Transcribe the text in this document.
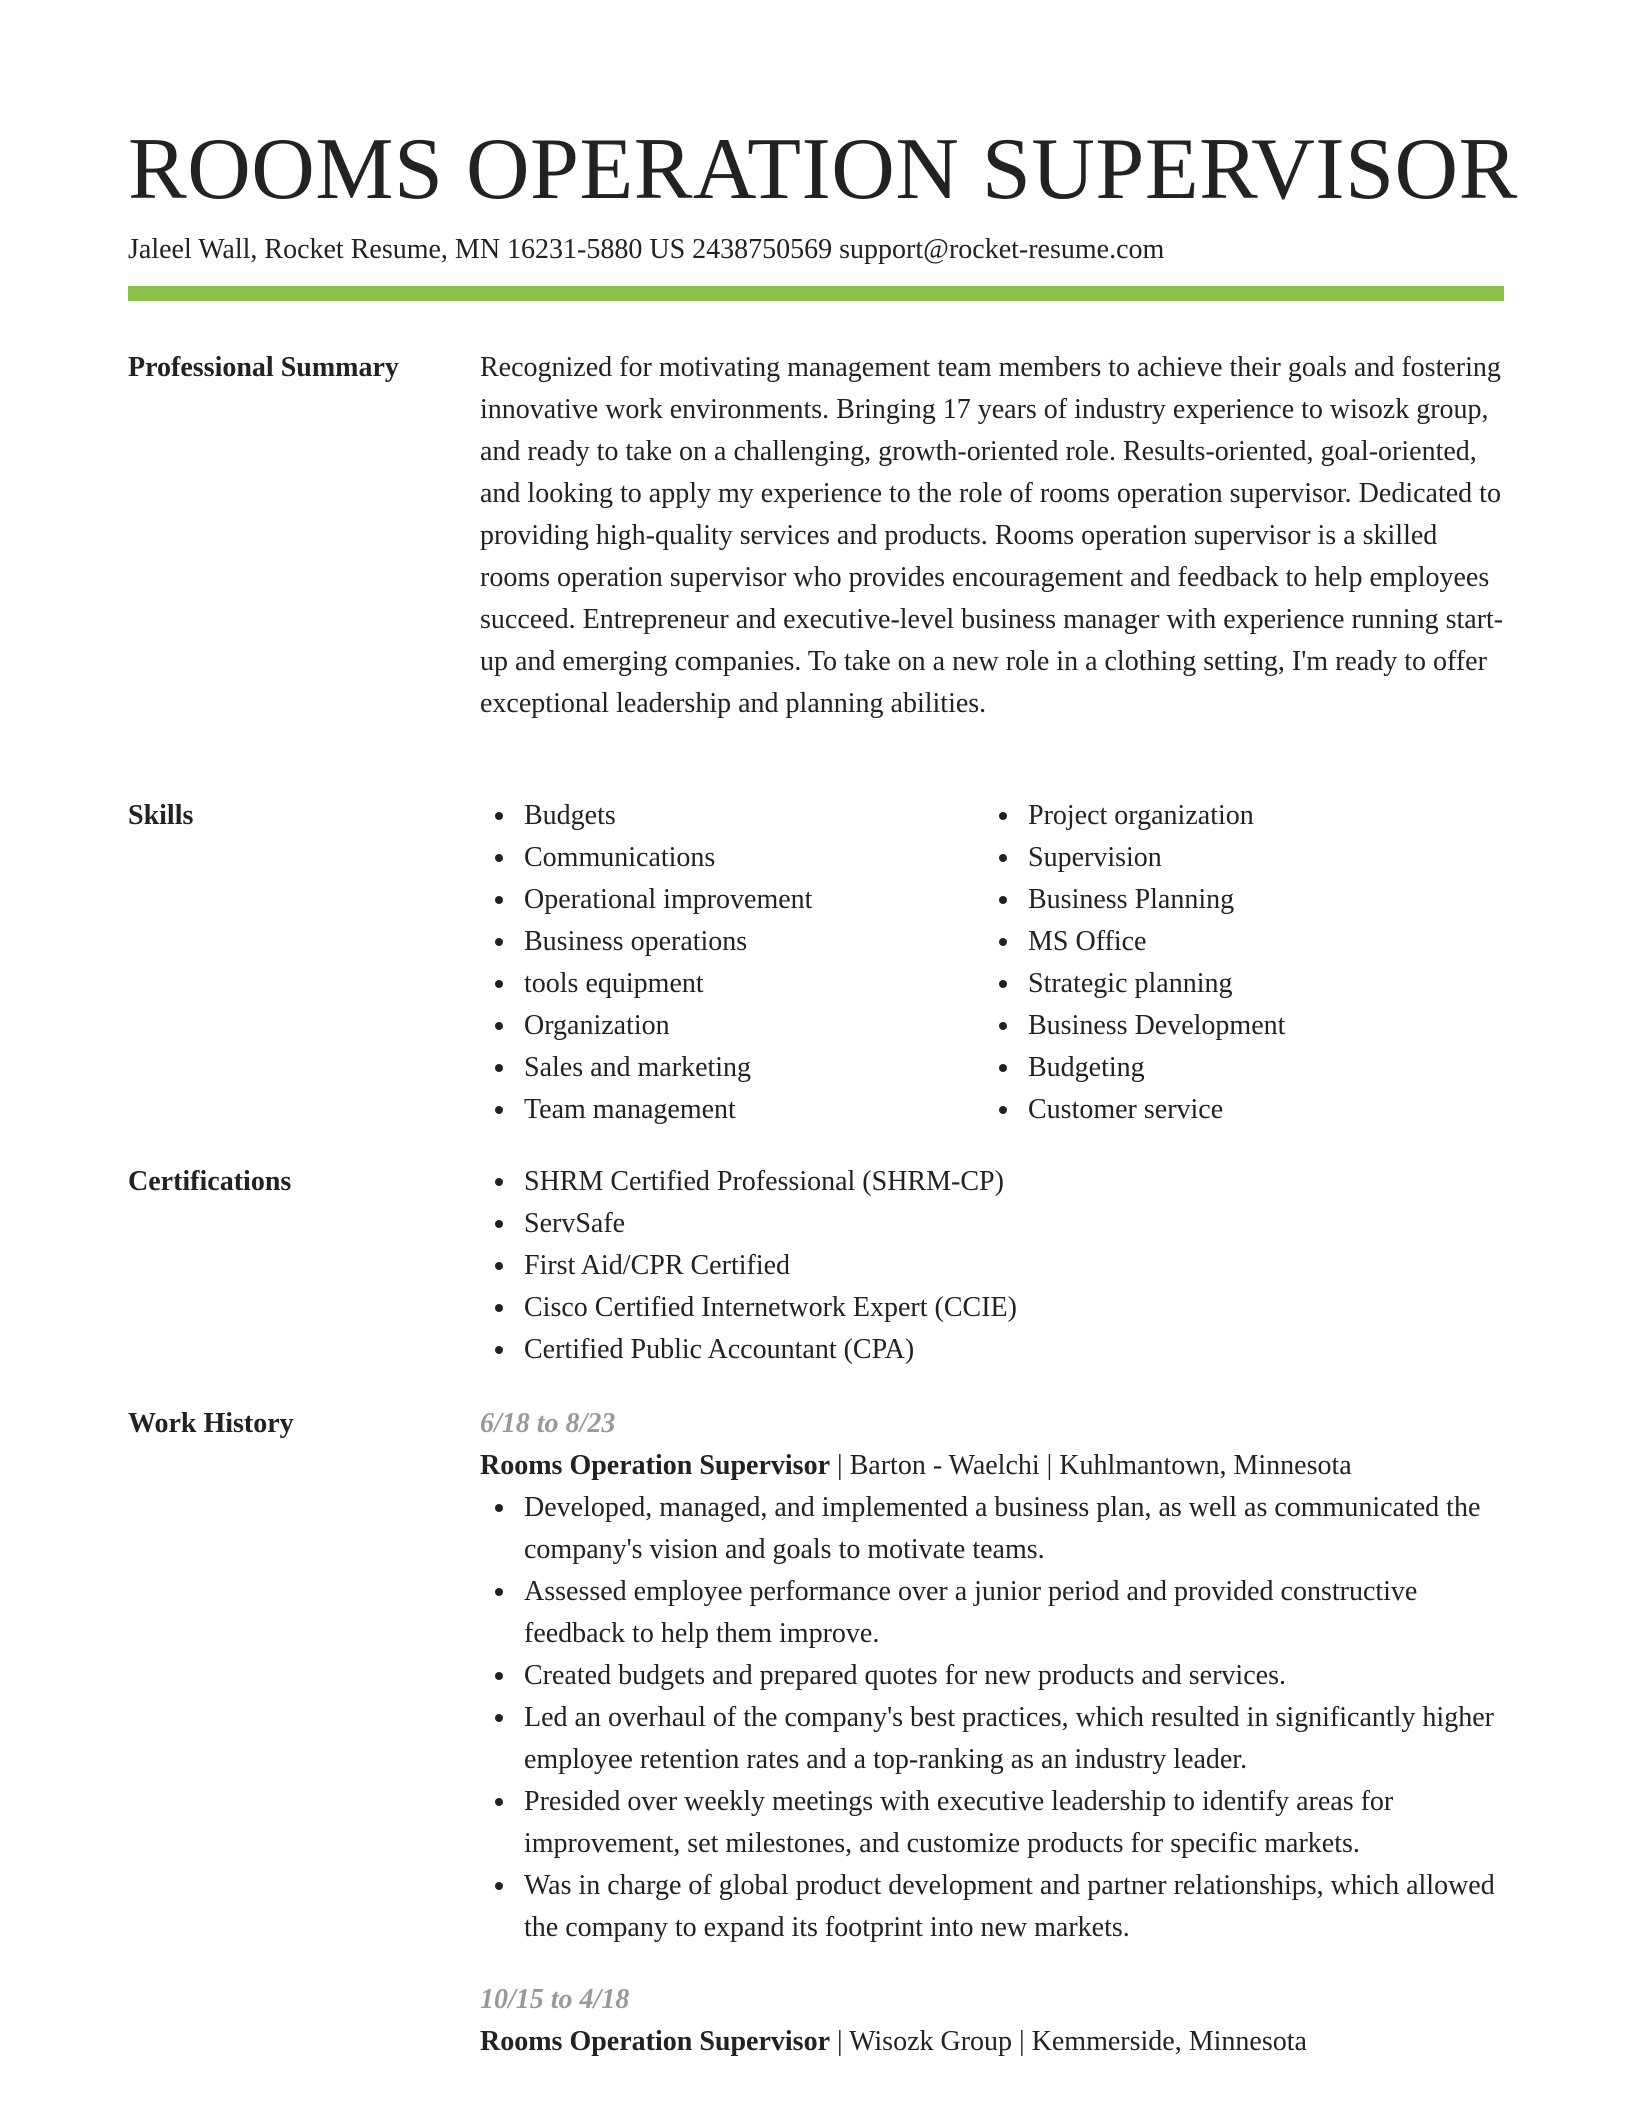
ROOMS OPERATION SUPERVISOR
Jaleel Wall, Rocket Resume, MN 16231-5880 US 2438750569 support@rocket-resume.com
Professional Summary	Recognized for motivating management team members to achieve their goals and fostering innovative work environments. Bringing 17 years of industry experience to wisozk group, and ready to take on a challenging, growth-oriented role. Results-oriented, goal-oriented, and looking to apply my experience to the role of rooms operation supervisor. Dedicated to providing high-quality services and products. Rooms operation supervisor is a skilled rooms operation supervisor who provides encouragement and feedback to help employees succeed. Entrepreneur and executive-level business manager with experience running start-up and emerging companies. To take on a new role in a clothing setting, I'm ready to offer exceptional leadership and planning abilities.

Skills	Budgets
Communications
Operational improvement
Business operations
tools equipment
Organization
Sales and marketing
Team management
Project organization
Supervision
Business Planning
MS Office
Strategic planning
Business Development
Budgeting
Customer service
Certifications	SHRM Certified Professional (SHRM-CP)
ServSafe
First Aid/CPR Certified
Cisco Certified Internetwork Expert (CCIE)
Certified Public Accountant (CPA)
Work History	6/18 to 8/23
Rooms Operation Supervisor | Barton - Waelchi | Kuhlmantown, Minnesota
Developed, managed, and implemented a business plan, as well as communicated the company's vision and goals to motivate teams.
Assessed employee performance over a junior period and provided constructive feedback to help them improve.
Created budgets and prepared quotes for new products and services.
Led an overhaul of the company's best practices, which resulted in significantly higher employee retention rates and a top-ranking as an industry leader.
Presided over weekly meetings with executive leadership to identify areas for improvement, set milestones, and customize products for specific markets.
Was in charge of global product development and partner relationships, which allowed the company to expand its footprint into new markets.
10/15 to 4/18
Rooms Operation Supervisor | Wisozk Group | Kemmerside, Minnesota
